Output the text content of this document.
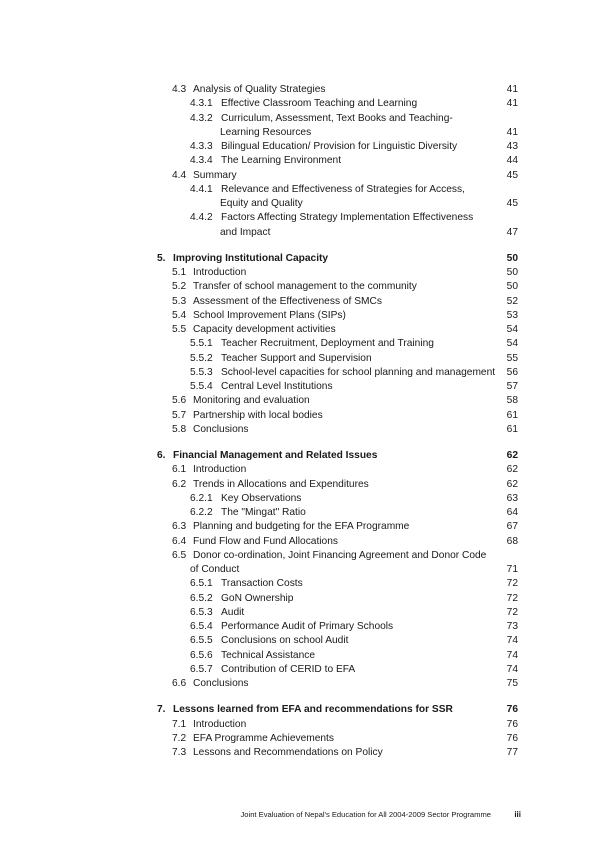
4.3 Analysis of Quality Strategies	41
4.3.1 Effective Classroom Teaching and Learning	41
4.3.2 Curriculum, Assessment, Text Books and Teaching-
Learning Resources	41
4.3.3 Bilingual Education/ Provision for Linguistic Diversity	43
4.3.4 The Learning Environment	44
4.4 Summary	45
4.4.1 Relevance and Effectiveness of Strategies for Access,
Equity and Quality	45
4.4.2 Factors Affecting Strategy Implementation Effectiveness
and Impact	47
5. Improving Institutional Capacity	50
5.1 Introduction	50
5.2 Transfer of school management to the community	50
5.3 Assessment of the Effectiveness of SMCs	52
5.4 School Improvement Plans (SIPs)	53
5.5 Capacity development activities	54
5.5.1 Teacher Recruitment, Deployment and Training	54
5.5.2 Teacher Support and Supervision	55
5.5.3 School-level capacities for school planning and management 56
5.5.4 Central Level Institutions	57
5.6 Monitoring and evaluation	58
5.7 Partnership with local bodies	61
5.8 Conclusions	61
6. Financial Management and Related Issues	62
6.1 Introduction	62
6.2 Trends in Allocations and Expenditures	62
6.2.1 Key Observations	63
6.2.2 The "Mingat" Ratio	64
6.3 Planning and budgeting for the EFA Programme	67
6.4 Fund Flow and Fund Allocations	68
6.5 Donor co-ordination, Joint Financing Agreement and Donor Code
of Conduct	71
6.5.1 Transaction Costs	72
6.5.2 GoN Ownership	72
6.5.3 Audit	72
6.5.4 Performance Audit of Primary Schools	73
6.5.5 Conclusions on school Audit	74
6.5.6 Technical Assistance	74
6.5.7 Contribution of CERID to EFA	74
6.6 Conclusions	75
7. Lessons learned from EFA and recommendations for SSR	76
7.1 Introduction	76
7.2 EFA Programme Achievements	76
7.3 Lessons and Recommendations on Policy	77
Joint Evaluation of Nepal's Education for All 2004-2009 Sector Programme	iii
